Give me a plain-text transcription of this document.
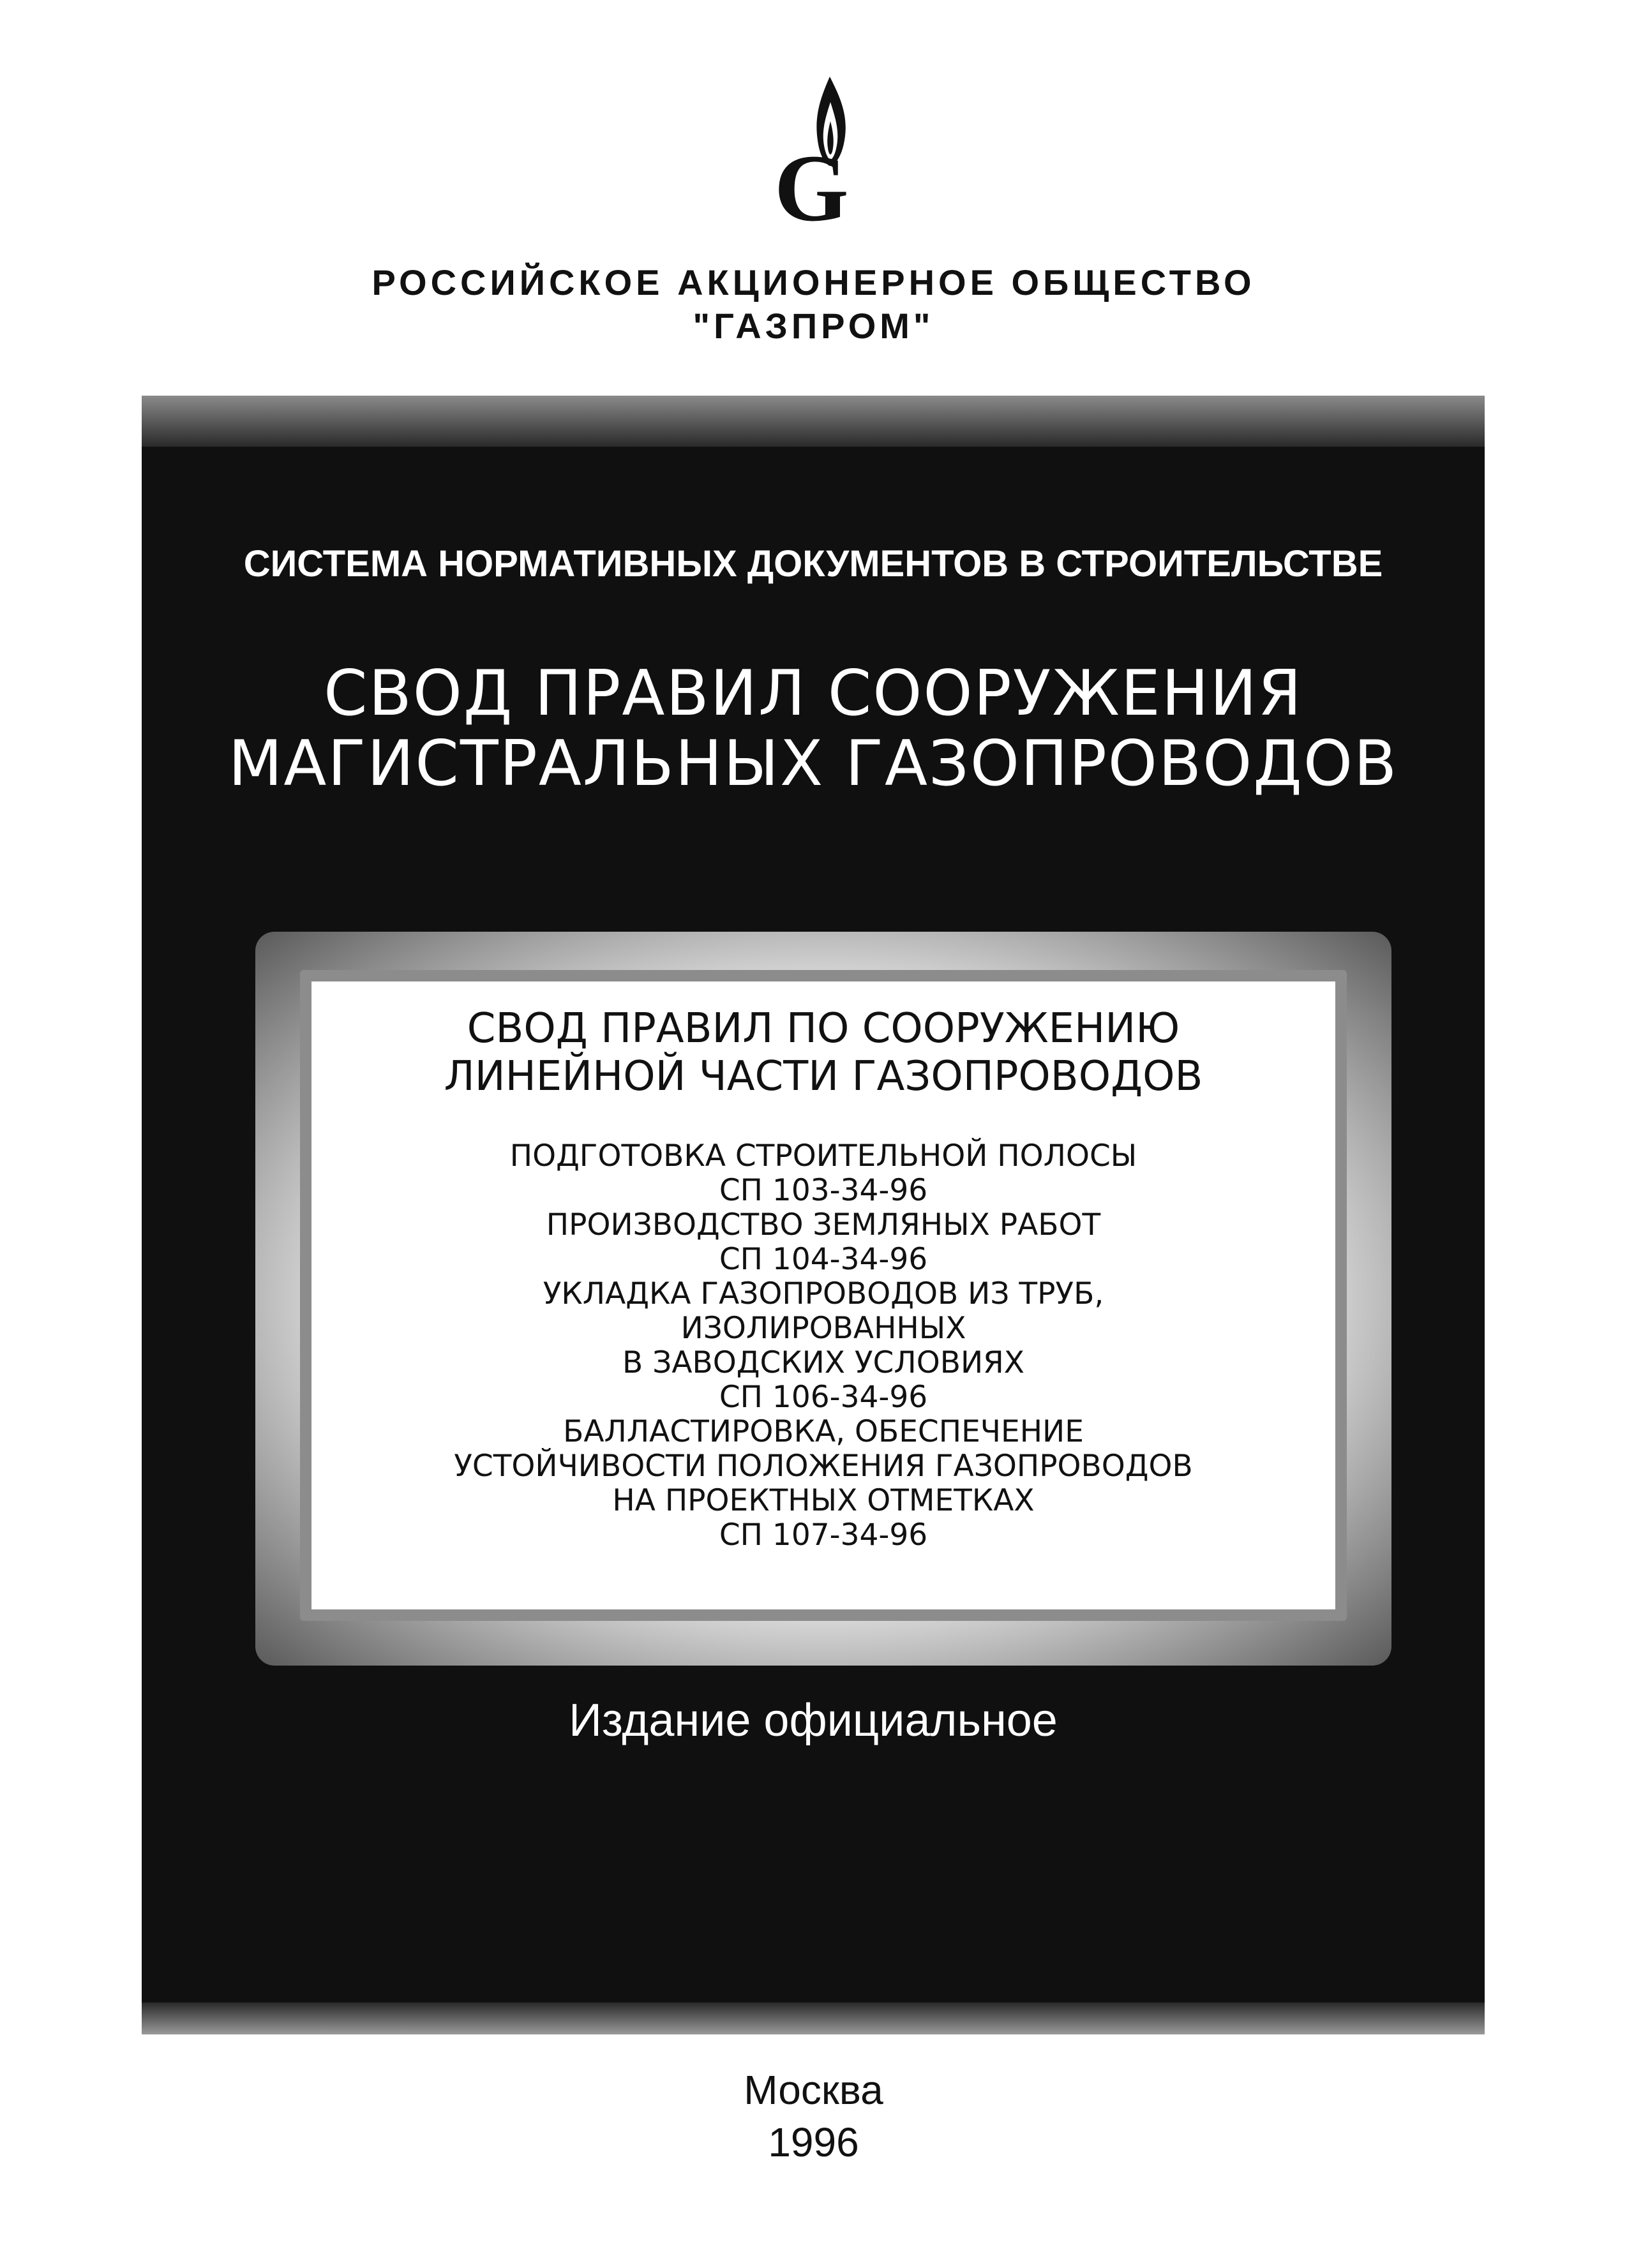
G
РОССИЙСКОЕ АКЦИОНЕРНОЕ ОБЩЕСТВО
"ГАЗПРОМ"
СИСТЕМА НОРМАТИВНЫХ ДОКУМЕНТОВ В СТРОИТЕЛЬСТВЕ
СВОД ПРАВИЛ СООРУЖЕНИЯ
МАГИСТРАЛЬНЫХ ГАЗОПРОВОДОВ
СВОД ПРАВИЛ ПО СООРУЖЕНИЮ
ЛИНЕЙНОЙ ЧАСТИ ГАЗОПРОВОДОВ
ПОДГОТОВКА СТРОИТЕЛЬНОЙ ПОЛОСЫ
СП 103-34-96
ПРОИЗВОДСТВО ЗЕМЛЯНЫХ РАБОТ
СП 104-34-96
УКЛАДКА ГАЗОПРОВОДОВ ИЗ ТРУБ,
ИЗОЛИРОВАННЫХ
В ЗАВОДСКИХ УСЛОВИЯХ
СП 106-34-96
БАЛЛАСТИРОВКА, ОБЕСПЕЧЕНИЕ
УСТОЙЧИВОСТИ ПОЛОЖЕНИЯ ГАЗОПРОВОДОВ
НА ПРОЕКТНЫХ ОТМЕТКАХ
СП 107-34-96
Издание официальное
Москва
1996
